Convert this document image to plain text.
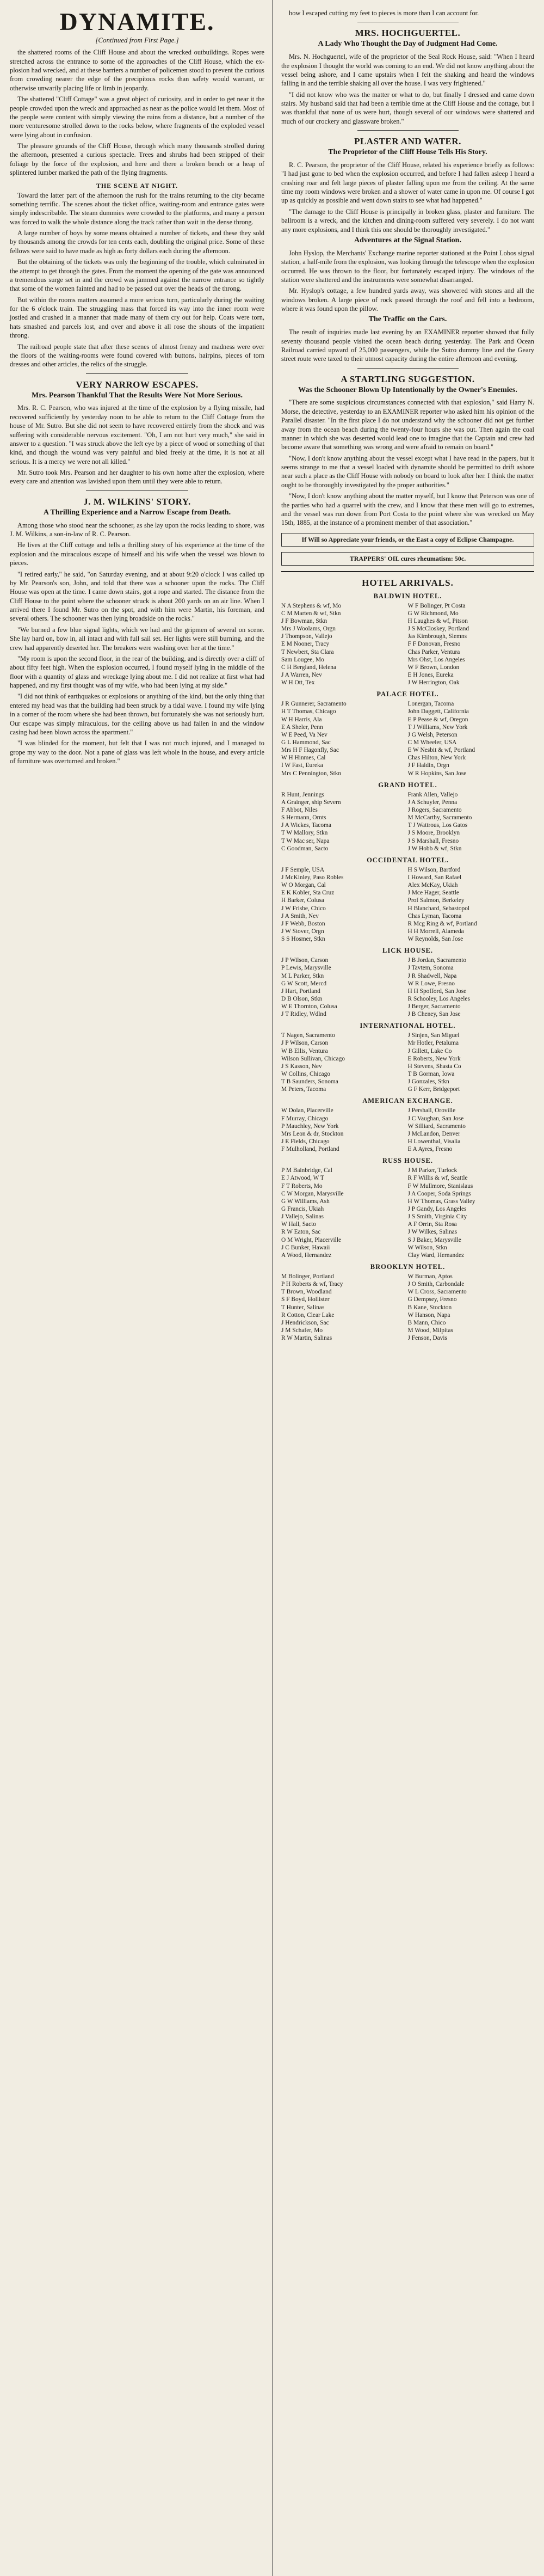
DYNAMITE.
[Continued from First Page.]

the shattered rooms of the Cliff House and about the wrecked outbuildings. Ropes were stretched across the entrance to some of the approaches of the Cliff House, which the ex-plosion had wrecked, and at these barriers a number of policemen stood to prevent the curious from crowding nearer the edge of the precipitous rocks than safety would warrant, or otherwise unwarily placing life or limb in jeopardy.

The shattered "Cliff Cottage" was a great object of curiosity, and in order to get near it the people crowded upon the wreck and approached as near as the police would let them. Most of the people were content with simply viewing the ruins from a distance, but a number of the more venturesome strolled down to the rocks below, where fragments of the exploded vessel were lying about in confusion.

The pleasure grounds of the Cliff House, through which many thousands strolled during the afternoon, presented a curious spectacle. Trees and shrubs had been stripped of their foliage by the force of the explosion, and here and there a broken bench or a heap of splintered lumber marked the path of the flying fragments.

THE SCENE AT NIGHT.

Toward the latter part of the afternoon the rush for the trains returning to the city became something terrific. The scenes about the ticket office, waiting-room and entrance gates were simply indescribable. The steam dummies were crowded to the platforms, and many a person was forced to walk the whole distance along the track rather than wait in the dense throng.

A large number of boys by some means obtained a number of tickets, and these they sold by thousands among the crowds for ten cents each, doubling the original price. Some of these fellows were said to have made as high as forty dollars each during the afternoon.

But the obtaining of the tickets was only the beginning of the trouble, which culminated in the attempt to get through the gates. From the moment the opening of the gate was announced a tremendous surge set in and the crowd was jammed against the narrow entrance so tightly that some of the women fainted and had to be passed out over the heads of the throng.

But within the rooms matters assumed a more serious turn, particularly during the waiting for the 6 o'clock train. The struggling mass that forced its way into the inner room were jostled and crushed in a manner that made many of them cry out for help. Coats were torn, hats smashed and parcels lost, and over and above it all rose the shouts of the impatient throng.

The railroad people state that after these scenes of almost frenzy and madness were over the floors of the waiting-rooms were found covered with buttons, hairpins, pieces of torn dresses and other articles, the relics of the struggle.

VERY NARROW ESCAPES.
Mrs. Pearson Thankful That the Results Were Not More Serious.

Mrs. R. C. Pearson, who was injured at the time of the explosion by a flying missile, had recovered sufficiently by yesterday noon to be able to return to the Cliff Cottage from the house of Mr. Sutro. But she did not seem to have recovered entirely from the shock and was suffering with considerable nervous excitement. "Oh, I am not hurt very much," she said in answer to a question. "I was struck above the left eye by a piece of wood or something of that kind, and though the wound was very painful and bled freely at the time, it is not at all serious. It is a mercy we were not all killed."

Mr. Sutro took Mrs. Pearson and her daughter to his own home after the explosion, where every care and attention was lavished upon them until they were able to return.

J. M. WILKINS' STORY.
A Thrilling Experience and a Narrow Escape from Death.

Among those who stood near the schooner, as she lay upon the rocks leading to shore, was J. M. Wilkins, a son-in-law of R. C. Pearson.

He lives at the Cliff cottage and tells a thrilling story of his experience at the time of the explosion and the miraculous escape of himself and his wife when the vessel was blown to pieces.

"I retired early," he said, "on Saturday evening, and at about 9:20 o'clock I was called up by Mr. Pearson's son, John, and told that there was a schooner upon the rocks. The Cliff House was open at the time. I came down stairs, got a rope and started. The distance from the Cliff House to the point where the schooner struck is about 200 yards on an air line. When I arrived there I found Mr. Sutro on the spot, and with him were Martin, his foreman, and several others. The schooner was then lying broadside on the rocks."

"We burned a few blue signal lights, which we had and the gripmen of several on scene. She lay hard on, bow in, all intact and with full sail set. Her lights were still burning, and the crew had apparently deserted her. The breakers were washing over her at the time."

"My room is upon the second floor, in the rear of the building, and is directly over a cliff of about fifty feet high. When the explosion occurred, I found myself lying in the middle of the floor with a quantity of glass and wreckage lying about me. I did not realize at first what had happened, and my first thought was of my wife, who had been lying at my side."

"I did not think of earthquakes or explosions or anything of the kind, but the only thing that entered my head was that the building had been struck by a tidal wave. I found my wife lying in a corner of the room where she had been thrown, but fortunately she was not seriously hurt. Our escape was simply miraculous, for the ceiling above us had fallen in and the window casing had been blown across the apartment."

"I was blinded for the moment, but felt that I was not much injured, and I managed to grope my way to the door. Not a pane of glass was left whole in the house, and every article of furniture was overturned and broken."

how I escaped cutting my feet to pieces is more than I can account for.

MRS. HOCHGUERTEL.
A Lady Who Thought the Day of Judgment Had Come.

Mrs. N. Hochguertel, wife of the proprietor of the Seal Rock House, said: "When I heard the explosion I thought the world was coming to an end. We did not know anything about the vessel being ashore, and I came upstairs when I felt the shaking and heard the windows falling in and the terrible shaking all over the house. I was very frightened."

"I did not know who was the matter or what to do, but finally I dressed and came down stairs. My husband said that had been a terrible time at the Cliff House and the cottage, but I was thankful that none of us were hurt, though several of our windows were shattered and much of our crockery and glassware broken."

PLASTER AND WATER.
The Proprietor of the Cliff House Tells His Story.

R. C. Pearson, the proprietor of the Cliff House, related his experience briefly as follows: "I had just gone to bed when the explosion occurred, and before I had fallen asleep I heard a crashing roar and felt large pieces of plaster falling upon me from the ceiling. At the same time my room windows were broken and a shower of water came in upon me. Of course I got up as quickly as possible and went down stairs to see what had happened."

"The damage to the Cliff House is principally in broken glass, plaster and furniture. The ballroom is a wreck, and the kitchen and dining-room suffered very severely. I do not want any more explosions, and I think this one should be thoroughly investigated."

Adventures at the Signal Station.

John Hyslop, the Merchants' Exchange marine reporter stationed at the Point Lobos signal station, a half-mile from the explosion, was looking through the telescope when the explosion occurred. He was thrown to the floor, but fortunately escaped injury. The windows of the station were shattered and the instruments were somewhat disarranged.

Mr. Hyslop's cottage, a few hundred yards away, was showered with stones and all the windows broken. A large piece of rock passed through the roof and fell into a bedroom, where it was found upon the pillow.

The Traffic on the Cars.

The result of inquiries made last evening by an EXAMINER reporter showed that fully seventy thousand people visited the ocean beach during yesterday. The Park and Ocean Railroad carried upward of 25,000 passengers, while the Sutro dummy line and the Geary street route were taxed to their utmost capacity during the entire afternoon and evening.

A STARTLING SUGGESTION.
Was the Schooner Blown Up Intentionally by the Owner's Enemies.

"There are some suspicious circumstances connected with that explosion," said Harry N. Morse, the detective, yesterday to an EXAMINER reporter who asked him his opinion of the Parallel disaster. "In the first place I do not understand why the schooner did not get further away from the ocean beach during the twenty-four hours she was out. Then again the coal manner in which she was deserted would lead one to imagine that the Captain and crew had become aware that something was wrong and were afraid to remain on board."

"Now, I don't know anything about the vessel except what I have read in the papers, but it seems strange to me that a vessel loaded with dynamite should be permitted to drift ashore near such a place as the Cliff House with nobody on board to look after her. I think the matter ought to be thoroughly investigated by the proper authorities."

"Now, I don't know anything about the matter myself, but I know that Peterson was one of the parties who had a quarrel with the crew, and I know that these men will go to extremes, and the vessel was run down from Port Costa to the point where she was wrecked on May 15th, 1885, at the instance of a prominent member of that association."

If Will so Appreciate your friends, or the East a copy of Eclipse Champagne.
TRAPPERS' OIL cures rheumatism: 50c.
HOTEL ARRIVALS.
BALDWIN HOTEL.
N A Stephens & wf, Mo	W F Bolinger, Pt Costa
C M Marten & wf, Stkn	G W Richmond, Mo
J F Bowman, Stkn	H Laughes & wf, Pitson
Mrs J Woolams, Orgn	J S McCloskey, Portland
J Thompson, Vallejo	Jas Kimbrough, Slemns
E M Nooner, Tracy	F F Donovan, Fresno
T Newbert, Sta Clara	Chas Parker, Ventura
Sam Lougee, Mo	Mrs Ohst, Los Angeles
C H Bergland, Helena	W F Brown, London
J A Warren, Nev	E H Jones, Eureka
W H Ott, Tex	J W Herrington, Oak
PALACE HOTEL.
J R Gunnerer, Sacramento	Lonergan, Tacoma
H T Thomas, Chicago	John Daggett, California
W H Harris, Ala	E P Pease & wf, Oregon
E A Sheler, Penn	T J Williams, New York
W E Peed, Va Nev	J G Welsh, Peterson
G L Hammond, Sac	C M Wheeler, USA
Mrs H F Hagonfly, Sac	E W Nesbit & wf, Portland
W H Hinmes, Cal	Chas Hilton, New York
I W Fast, Eureka	J F Haldin, Orgn
Mrs C Pennington, Stkn	W R Hopkins, San Jose
GRAND HOTEL.
R Hunt, Jennings	Frank Allen, Vallejo
A Grainger, ship Severn	J A Schuyler, Penna
F Abbot, Niles	J Rogers, Sacramento
S Hermann, Ornts	M McCarthy, Sacramento
J A Wickes, Tacoma	T J Wattrous, Los Gatos
T W Mallory, Stkn	J S Moore, Brooklyn
T W Mac ser, Napa	J S Marshall, Fresno
C Goodman, Sacto	J W Hobb & wf, Stkn
OCCIDENTAL HOTEL.
J F Semple, USA	H S Wilson, Bartford
J McKinley, Paso Robles	I Howard, San Rafael
W O Morgan, Cal	Alex McKay, Ukiah
E K Kobler, Sta Cruz	J Mce Hager, Seattle
H Barker, Colusa	Prof Salmon, Berkeley
J W Frisbe, Chico	H Blanchard, Sebastopol
J A Smith, Nev	Chas Lyman, Tacoma
J F Webb, Boston	R Mcg Ring & wf, Portland
J W Stover, Orgn	H H Morrell, Alameda
S S Hosmer, Stkn	W Reynolds, San Jose
LICK HOUSE.
J P Wilson, Carson	J B Jordan, Sacramento
P Lewis, Marysville	J Tavtem, Sonoma
M L Parker, Stkn	J R Shadwell, Napa
G W Scott, Mercd	W R Lowe, Fresno
J Hart, Portland	H H Spofford, San Jose
D B Olson, Stkn	R Schooley, Los Angeles
W E Thornton, Colusa	J Berger, Sacramento
J T Ridley, Wdlnd	J B Cheney, San Jose
INTERNATIONAL HOTEL.
T Nagen, Sacramento	J Sinjen, San Miguel
J P Wilson, Carson	Mr Hotler, Petaluma
W B Ellis, Ventura	J Gillett, Lake Co
Wilson Sullivan, Chicago	E Roberts, New York
J S Kasson, Nev	H Stevens, Shasta Co
W Collins, Chicago	T B Gorman, Iowa
T B Saunders, Sonoma	J Gonzales, Stkn
M Peters, Tacoma	G F Kerr, Bridgeport
AMERICAN EXCHANGE.
W Dolan, Placerville	J Pershall, Oroville
F Murray, Chicago	J C Vaughan, San Jose
P Mauchley, New York	W Silliard, Sacramento
Mrs Leon & dr, Stockton	J McLandon, Denver
J E Fields, Chicago	H Lowenthal, Visalia
F Mulholland, Portland	E A Ayres, Fresno
RUSS HOUSE.
P M Bainbridge, Cal	J M Parker, Turlock
E J Atwood, W T	R F Willis & wf, Seattle
F T Roberts, Mo	F W Mullmore, Stanislaus
C W Morgan, Marysville	J A Cooper, Soda Springs
G W Williams, Ash	H W Thomas, Grass Valley
G Francis, Ukiah	J P Gandy, Los Angeles
J Vallejo, Salinas	J S Smith, Virginia City
W Hall, Sacto	A F Orrin, Sta Rosa
R W Eaton, Sac	J W Wilkes, Salinas
O M Wright, Placerville	S J Baker, Marysville
J C Bunker, Hawaii	W Wilson, Stkn
A Wood, Hernandez	Clay Ward, Hernandez
BROOKLYN HOTEL.
M Bolinger, Portland	W Burman, Aptos
P H Roberts & wf, Tracy	J O Smith, Carbondale
T Brown, Woodland	W L Cross, Sacramento
S F Boyd, Hollister	G Dempsey, Fresno
T Hunter, Salinas	B Kane, Stockton
R Cotton, Clear Lake	W Hanson, Napa
J Hendrickson, Sac	B Mann, Chico
J M Schafer, Mo	M Wood, Milpitas
R W Martin, Salinas	J Fenson, Davis
